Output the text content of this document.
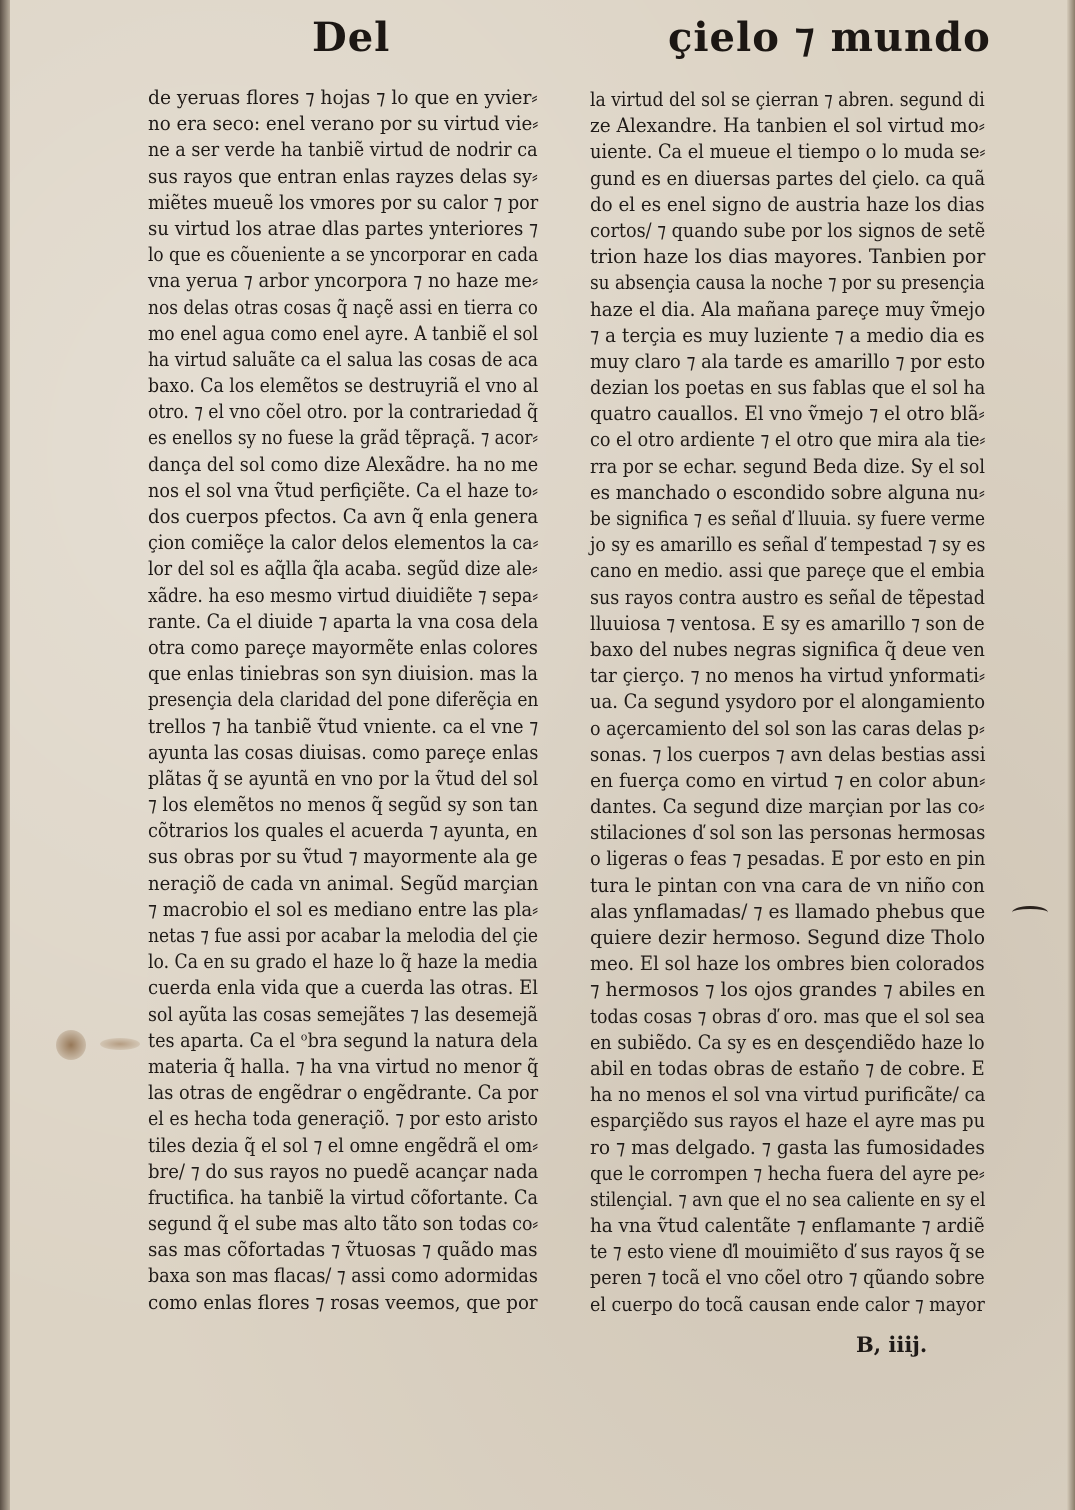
Del	çielo ⁊ mundo
de yeruas flores ⁊ hojas ⁊ lo que en yvier⸗
no era seco: enel verano por su virtud vie⸗
ne a ser verde ha tanbiẽ virtud de nodrir ca
sus rayos que entran enlas rayzes delas sy⸗
miẽtes mueuẽ los vmores por su calor ⁊ por
su virtud los atrae dlas partes ynteriores ⁊
lo que es cõueniente a se yncorporar en cada
vna yerua ⁊ arbor yncorpora ⁊ no haze me⸗
nos delas otras cosas q̃ naçẽ assi en tierra co
mo enel agua como enel ayre. A tanbiẽ el sol
ha virtud saluãte ca el salua las cosas de aca
baxo. Ca los elemẽtos se destruyriã el vno al
otro. ⁊ el vno cõel otro. por la contrariedad q̃
es enellos sy no fuese la grãd tẽpraçã. ⁊ acor⸗
dança del sol como dize Alexãdre. ha no me
nos el sol vna ṽtud perfiçiẽte. Ca el haze to⸗
dos cuerpos pfectos. Ca avn q̃ enla genera
çion comiẽçe la calor delos elementos la ca⸗
lor del sol es aq̃lla q̃la acaba. segũd dize ale⸗
xãdre. ha eso mesmo virtud diuidiẽte ⁊ sepa⸗
rante. Ca el diuide ⁊ aparta la vna cosa dela
otra como pareçe mayormẽte enlas colores
que enlas tiniebras son syn diuision. mas la
presençia dela claridad del pone diferẽçia en
trellos ⁊ ha tanbiẽ ṽtud vniente. ca el vne ⁊
ayunta las cosas diuisas. como pareçe enlas
plãtas q̃ se ayuntã en vno por la ṽtud del sol
⁊ los elemẽtos no menos q̃ segũd sy son tan
cõtrarios los quales el acuerda ⁊ ayunta, en
sus obras por su ṽtud ⁊ mayormente ala ge
neraçiõ de cada vn animal. Segũd marçian
⁊ macrobio el sol es mediano entre las pla⸗
netas ⁊ fue assi por acabar la melodia del çie
lo. Ca en su grado el haze lo q̃ haze la media
cuerda enla vida que a cuerda las otras. El
sol ayũta las cosas semejãtes ⁊ las desemejã
tes aparta. Ca el ᵒbra segund la natura dela
materia q̃ halla. ⁊ ha vna virtud no menor q̃
las otras de engẽdrar o engẽdrante. Ca por
el es hecha toda generaçiõ. ⁊ por esto aristo
tiles dezia q̃ el sol ⁊ el omne engẽdrã el om⸗
bre/ ⁊ do sus rayos no puedẽ acançar nada
fructifica. ha tanbiẽ la virtud cõfortante. Ca
segund q̃ el sube mas alto tãto son todas co⸗
sas mas cõfortadas ⁊ ṽtuosas ⁊ quãdo mas
baxa son mas flacas/ ⁊ assi como adormidas
como enlas flores ⁊ rosas veemos, que por
la virtud del sol se çierran ⁊ abren. segund di
ze Alexandre. Ha tanbien el sol virtud mo⸗
uiente. Ca el mueue el tiempo o lo muda se⸗
gund es en diuersas partes del çielo. ca quã
do el es enel signo de austria haze los dias
cortos/ ⁊ quando sube por los signos de setẽ
trion haze los dias mayores. Tanbien por
su absençia causa la noche ⁊ por su presençia
haze el dia. Ala mañana pareçe muy ṽmejo
⁊ a terçia es muy luziente ⁊ a medio dia es
muy claro ⁊ ala tarde es amarillo ⁊ por esto
dezian los poetas en sus fablas que el sol ha
quatro cauallos. El vno ṽmejo ⁊ el otro blã⸗
co el otro ardiente ⁊ el otro que mira ala tie⸗
rra por se echar. segund Beda dize. Sy el sol
es manchado o escondido sobre alguna nu⸗
be significa ⁊ es señal ď lluuia. sy fuere verme
jo sy es amarillo es señal ď tempestad ⁊ sy es
cano en medio. assi que pareçe que el embia
sus rayos contra austro es señal de tẽpestad
lluuiosa ⁊ ventosa. E sy es amarillo ⁊ son de
baxo del nubes negras significa q̃ deue ven
tar çierço. ⁊ no menos ha virtud ynformati⸗
ua. Ca segund ysydoro por el alongamiento
o açercamiento del sol son las caras delas p⸗
sonas. ⁊ los cuerpos ⁊ avn delas bestias assi
en fuerça como en virtud ⁊ en color abun⸗
dantes. Ca segund dize marçian por las co⸗
stilaciones ď sol son las personas hermosas
o ligeras o feas ⁊ pesadas. E por esto en pin
tura le pintan con vna cara de vn niño con
alas ynflamadas/ ⁊ es llamado phebus que
quiere dezir hermoso. Segund dize Tholo
meo. El sol haze los ombres bien colorados
⁊ hermosos ⁊ los ojos grandes ⁊ abiles en
todas cosas ⁊ obras ď oro. mas que el sol sea
en subiẽdo. Ca sy es en desçendiẽdo haze lo
abil en todas obras de estaño ⁊ de cobre. E
ha no menos el sol vna virtud purificãte/ ca
esparçiẽdo sus rayos el haze el ayre mas pu
ro ⁊ mas delgado. ⁊ gasta las fumosidades
que le corrompen ⁊ hecha fuera del ayre pe⸗
stilençial. ⁊ avn que el no sea caliente en sy el
ha vna ṽtud calentãte ⁊ enflamante ⁊ ardiẽ
te ⁊ esto viene ďl mouimiẽto ď sus rayos q̃ se
peren ⁊ tocã el vno cõel otro ⁊ qũando sobre
el cuerpo do tocã causan ende calor ⁊ mayor
B, iiij.
